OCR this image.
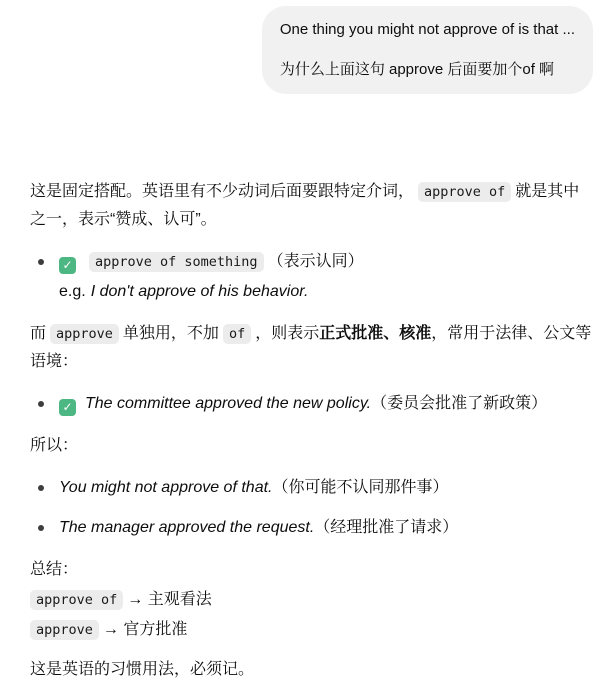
One thing you might not approve of is that ...

为什么上面这句 approve 后面要加个of 啊

这是固定搭配。英语里有不少动词后面要跟特定介词， approve of 就是其中之一，表示“赞成、认可”。

✓ approve of something （表示认同）
e.g. I don't approve of his behavior.

而 approve 单独用，不加 of ，则表示正式批准、核准，常用于法律、公文等语境：

✓ The committee approved the new policy.（委员会批准了新政策）

所以：

You might not approve of that.（你可能不认同那件事）
The manager approved the request.（经理批准了请求）

总结：

approve of → 主观看法

approve → 官方批准

这是英语的习惯用法，必须记。
